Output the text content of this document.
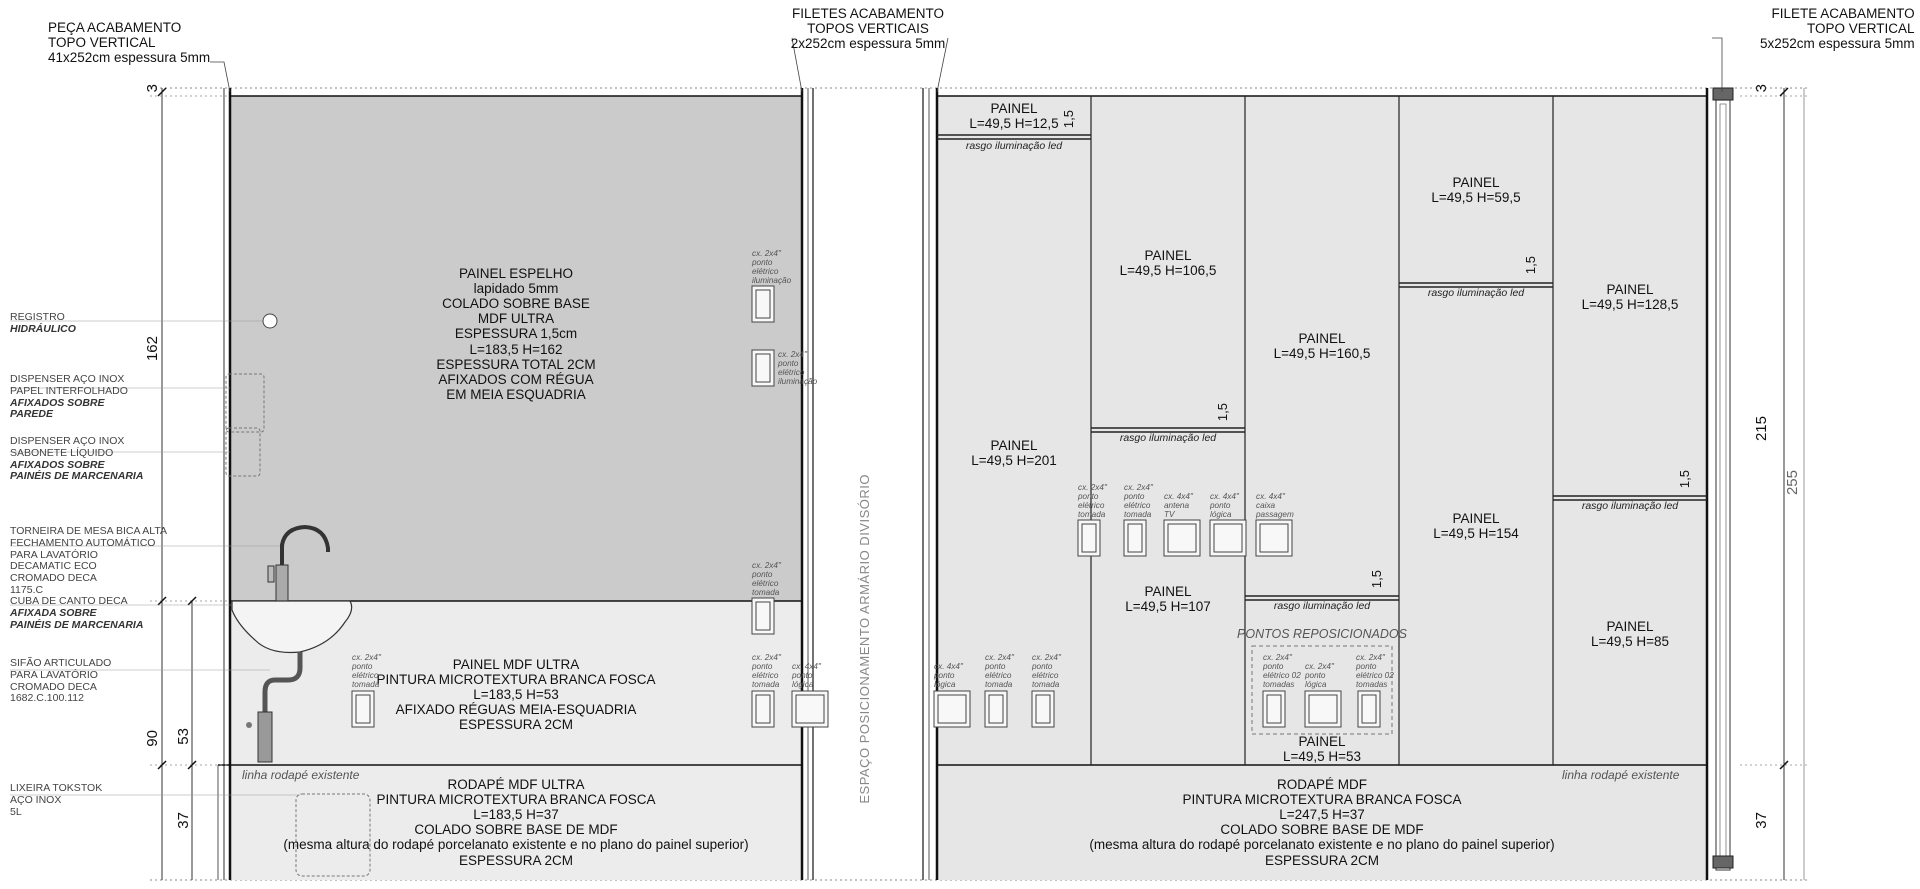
PEÇA ACABAMENTO
TOPO VERTICAL
41x252cm espessura 5mm
FILETES ACABAMENTO
TOPOS VERTICAIS
2x252cm espessura 5mm
FILETE ACABAMENTO
TOPO VERTICAL
5x252cm espessura 5mm
REGISTRO
HIDRÁULICO
DISPENSER AÇO INOX
PAPEL INTERFOLHADO
AFIXADOS SOBRE
PAREDE
DISPENSER AÇO INOX
SABONETE LÍQUIDO
AFIXADOS SOBRE
PAINÉIS DE MARCENARIA
TORNEIRA DE MESA BICA ALTA
FECHAMENTO AUTOMÁTICO
PARA LAVATÓRIO
DECAMATIC ECO
CROMADO DECA
1175.C
CUBA DE CANTO DECA
AFIXADA SOBRE
PAINÉIS DE MARCENARIA
SIFÃO ARTICULADO
PARA LAVATÓRIO
CROMADO DECA
1682.C.100.112
LIXEIRA TOKSTOK
AÇO INOX
5L
3
162
90 53
37
3
215
255
37
1,5
1,5
1,5
1,5
1,5
PAINEL ESPELHO
lapidado 5mm
COLADO SOBRE BASE
MDF ULTRA
ESPESSURA 1,5cm
L=183,5 H=162
ESPESSURA TOTAL 2CM
AFIXADOS COM RÉGUA
EM MEIA ESQUADRIA
PAINEL MDF ULTRA
PINTURA MICROTEXTURA BRANCA FOSCA
L=183,5 H=53
AFIXADO RÉGUAS MEIA-ESQUADRIA
ESPESSURA 2CM
linha rodapé existente
RODAPÉ MDF ULTRA
PINTURA MICROTEXTURA BRANCA FOSCA
L=183,5 H=37
COLADO SOBRE BASE DE MDF
(mesma altura do rodapé porcelanato existente e no plano do painel superior)
ESPESSURA 2CM
ESPAÇO POSICIONAMENTO ARMÁRIO DIVISÓRIO
PAINEL
L=49,5 H=12,5
rasgo iluminação led
PAINEL
L=49,5 H=201
PAINEL
L=49,5 H=106,5
rasgo iluminação led
PAINEL
L=49,5 H=107
PAINEL
L=49,5 H=160,5
rasgo iluminação led
PONTOS REPOSICIONADOS
PAINEL
L=49,5 H=53
PAINEL
L=49,5 H=59,5
rasgo iluminação led
PAINEL
L=49,5 H=154
PAINEL
L=49,5 H=128,5
rasgo iluminação led
PAINEL
L=49,5 H=85
linha rodapé existente
RODAPÉ MDF
PINTURA MICROTEXTURA BRANCA FOSCA
L=247,5 H=37
COLADO SOBRE BASE DE MDF
(mesma altura do rodapé porcelanato existente e no plano do painel superior)
ESPESSURA 2CM
cx. 2x4"
ponto
elétrico
iluminação
cx. 2x4"
ponto
elétrico
iluminação
cx. 2x4"
ponto
elétrico
tomada
cx. 2x4"
ponto
elétrico
tomada
cx. 2x4"
ponto
elétrico
tomada
cx. 4x4"
ponto
lógica
cx. 4x4"
ponto
lógica
cx. 2x4"
ponto
elétrico
tomada
cx. 2x4"
ponto
elétrico
tomada
cx. 2x4"
ponto
elétrico
tomada
cx. 2x4"
ponto
elétrico
tomada
cx. 4x4"
antena
TV
cx. 4x4"
ponto
lógica
cx. 4x4"
caixa
passagem
cx. 2x4"
ponto
elétrico 02
tomadas
cx. 2x4"
ponto
lógica
cx. 2x4"
ponto
elétrico 02
tomadas
